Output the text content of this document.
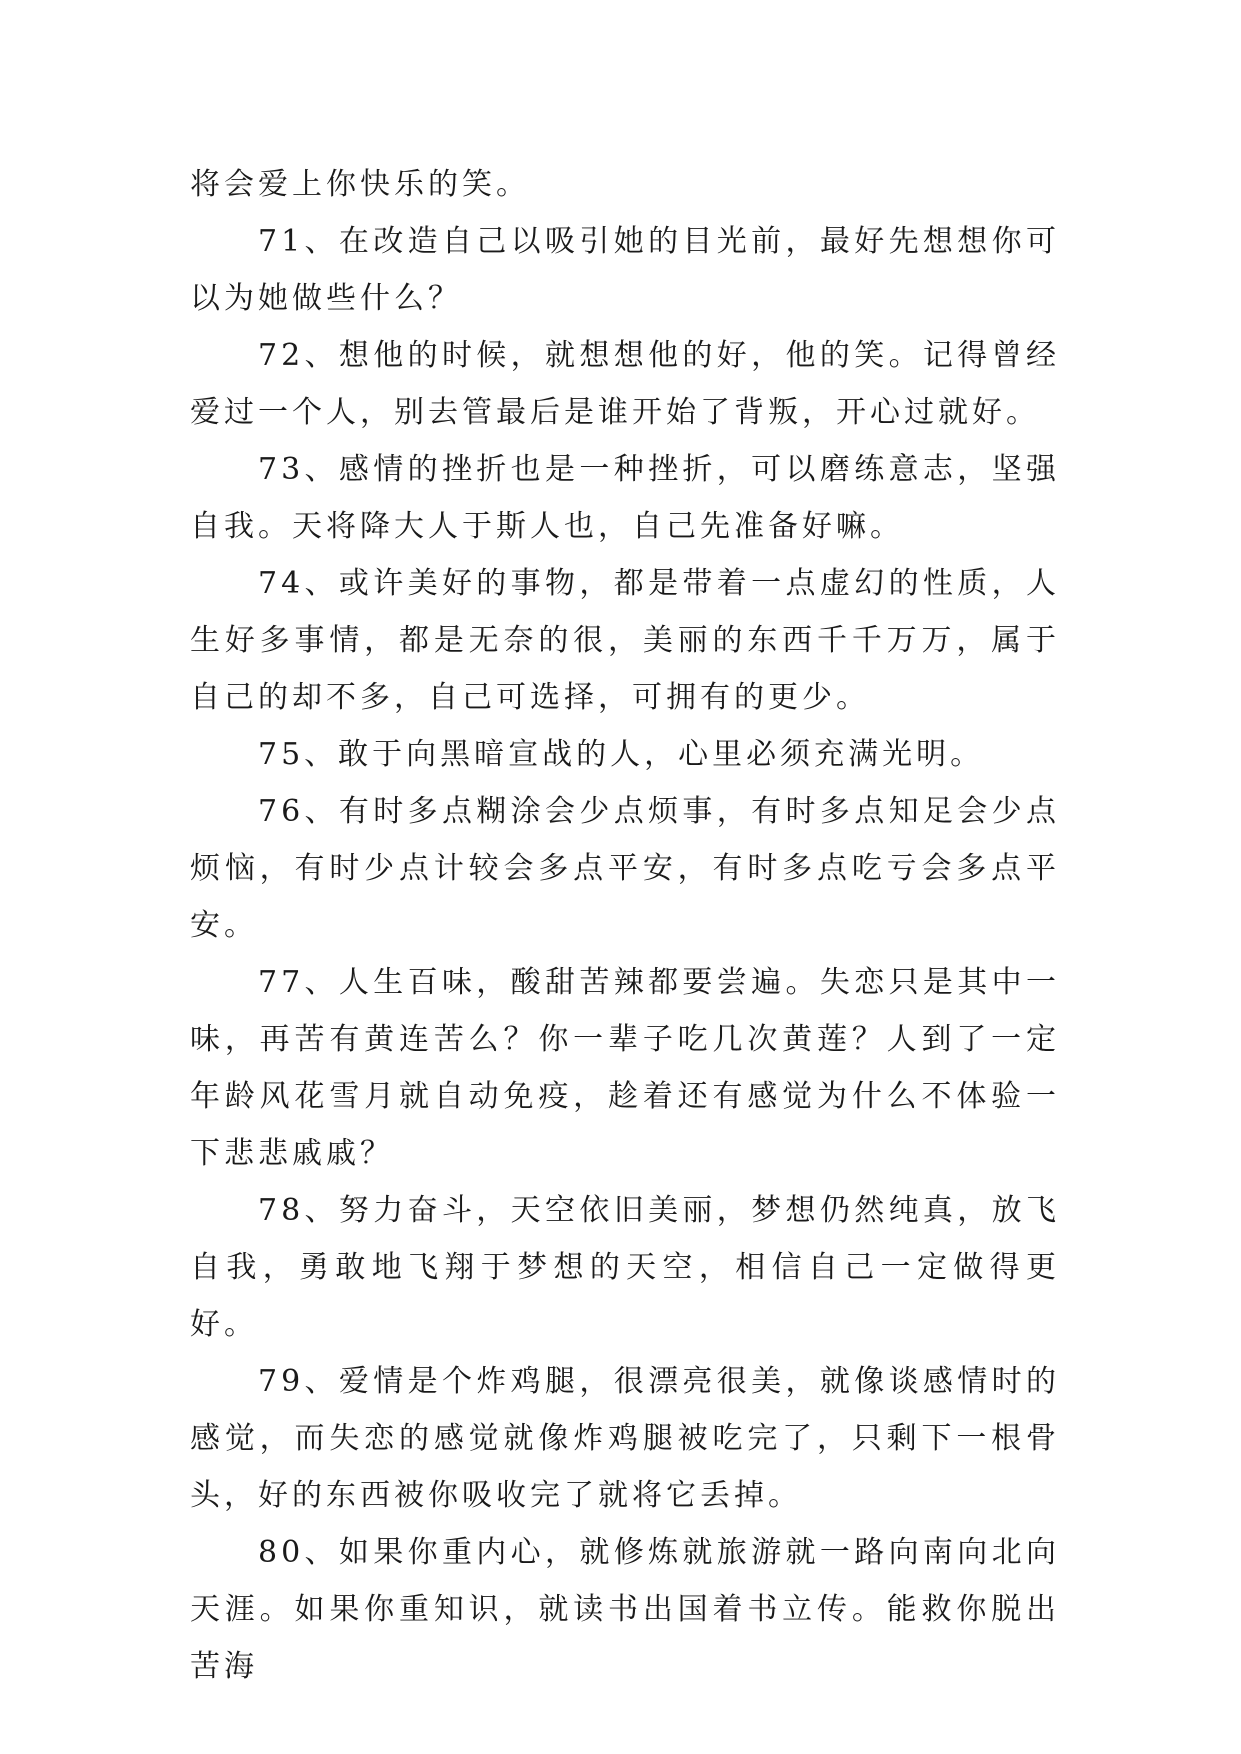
将会爱上你快乐的笑。

71、在改造自己以吸引她的目光前，最好先想想你可以为她做些什么？

72、想他的时候，就想想他的好，他的笑。记得曾经爱过一个人，别去管最后是谁开始了背叛，开心过就好。

73、感情的挫折也是一种挫折，可以磨练意志，坚强自我。天将降大人于斯人也，自己先准备好嘛。

74、或许美好的事物，都是带着一点虚幻的性质，人生好多事情，都是无奈的很，美丽的东西千千万万，属于自己的却不多，自己可选择，可拥有的更少。

75、敢于向黑暗宣战的人，心里必须充满光明。

76、有时多点糊涂会少点烦事，有时多点知足会少点烦恼，有时少点计较会多点平安，有时多点吃亏会多点平安。

77、人生百味，酸甜苦辣都要尝遍。失恋只是其中一味，再苦有黄连苦么？你一辈子吃几次黄莲？人到了一定年龄风花雪月就自动免疫，趁着还有感觉为什么不体验一下悲悲戚戚？

78、努力奋斗，天空依旧美丽，梦想仍然纯真，放飞自我，勇敢地飞翔于梦想的天空，相信自己一定做得更好。

79、爱情是个炸鸡腿，很漂亮很美，就像谈感情时的感觉，而失恋的感觉就像炸鸡腿被吃完了，只剩下一根骨头，好的东西被你吸收完了就将它丢掉。

80、如果你重内心，就修炼就旅游就一路向南向北向天涯。如果你重知识，就读书出国着书立传。能救你脱出苦海
